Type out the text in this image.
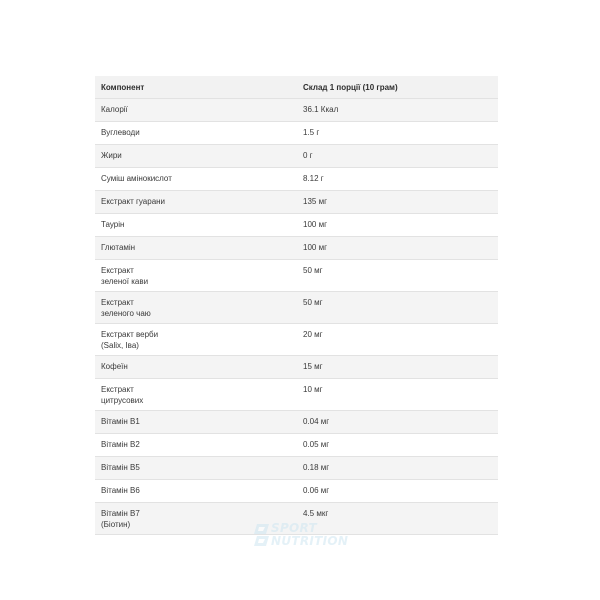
Компонент	Склад 1 порції (10 грам)
Калорії	36.1 Ккал
Вуглеводи	1.5 г
Жири	0 г
Суміш амінокислот	8.12 г
Екстракт гуарани	135 мг
Таурін	100 мг
Глютамін	100 мг
Екстракт
зеленої кави	50 мг
Екстракт
зеленого чаю	50 мг
Екстракт верби
(Salix, Іва)	20 мг
Кофеїн	15 мг
Екстракт
цитрусових	10 мг
Вітамін В1	0.04 мг
Вітамін В2	0.05 мг
Вітамін В5	0.18 мг
Вітамін В6	0.06 мг
Вітамін В7
(Біотин)	4.5 мкг
SPORT
NUTRITION
